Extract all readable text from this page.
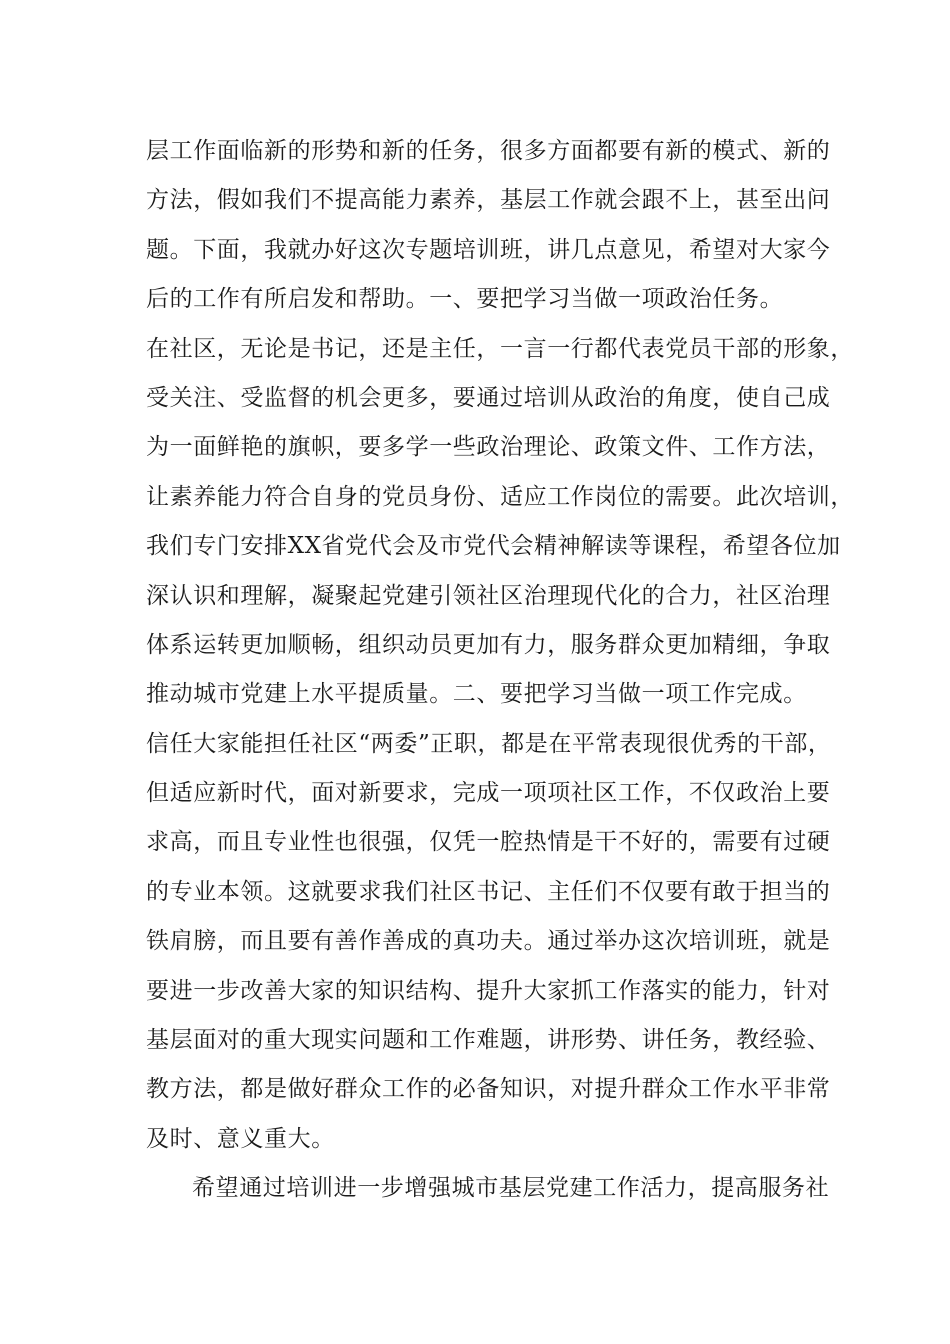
层工作面临新的形势和新的任务，很多方面都要有新的模式、新的
方法，假如我们不提高能力素养，基层工作就会跟不上，甚至出问
题。下面，我就办好这次专题培训班，讲几点意见，希望对大家今
后的工作有所启发和帮助。一、要把学习当做一项政治任务。
在社区，无论是书记，还是主任，一言一行都代表党员干部的形象，
受关注、受监督的机会更多，要通过培训从政治的角度，使自己成
为一面鲜艳的旗帜，要多学一些政治理论、政策文件、工作方法，
让素养能力符合自身的党员身份、适应工作岗位的需要。此次培训，
我们专门安排XX省党代会及市党代会精神解读等课程，希望各位加
深认识和理解，凝聚起党建引领社区治理现代化的合力，社区治理
体系运转更加顺畅，组织动员更加有力，服务群众更加精细，争取
推动城市党建上水平提质量。二、要把学习当做一项工作完成。
信任大家能担任社区“两委”正职，都是在平常表现很优秀的干部，
但适应新时代，面对新要求，完成一项项社区工作，不仅政治上要
求高，而且专业性也很强，仅凭一腔热情是干不好的，需要有过硬
的专业本领。这就要求我们社区书记、主任们不仅要有敢于担当的
铁肩膀，而且要有善作善成的真功夫。通过举办这次培训班，就是
要进一步改善大家的知识结构、提升大家抓工作落实的能力，针对
基层面对的重大现实问题和工作难题，讲形势、讲任务，教经验、
教方法，都是做好群众工作的必备知识，对提升群众工作水平非常
及时、意义重大。
希望通过培训进一步增强城市基层党建工作活力，提高服务社
